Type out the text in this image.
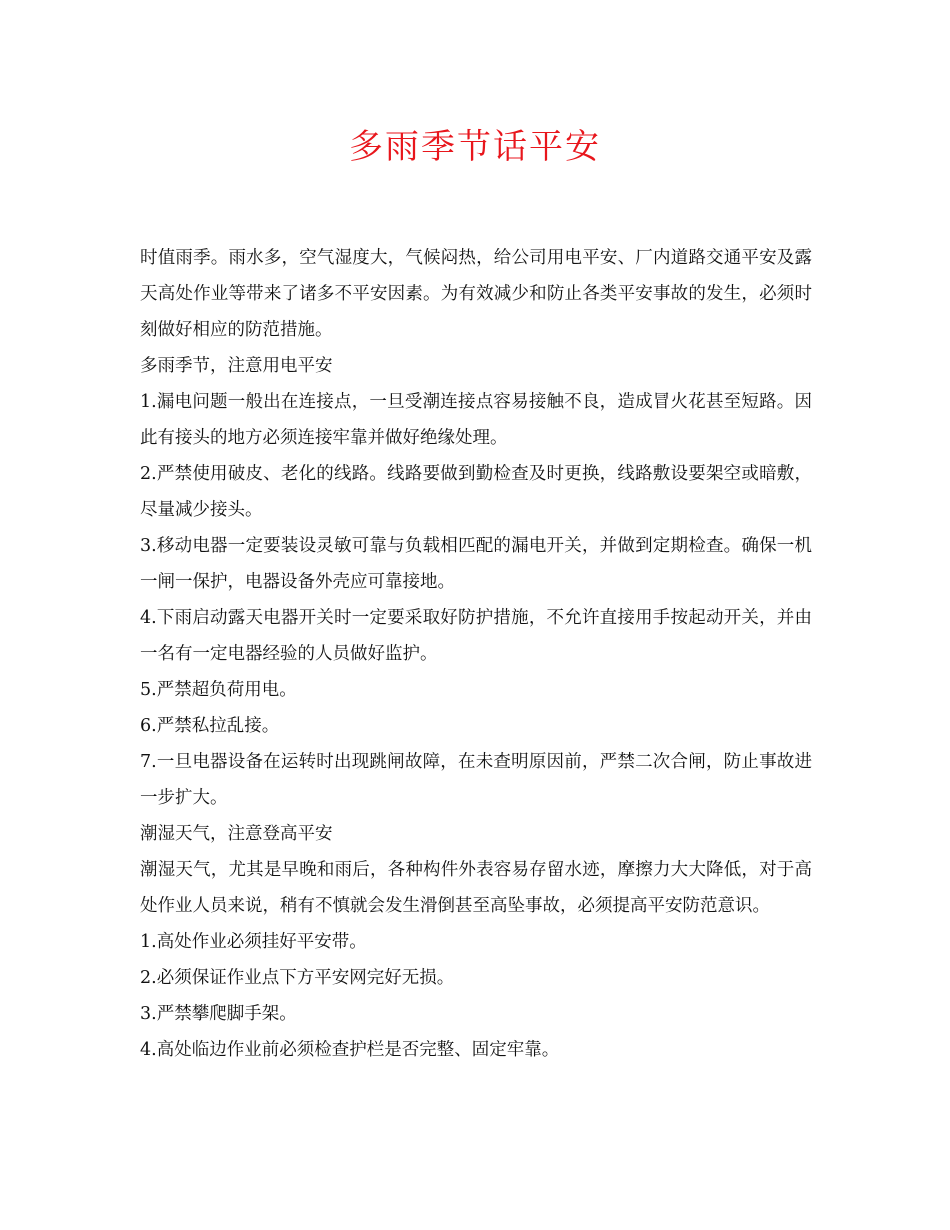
多雨季节话平安

时值雨季。雨水多，空气湿度大，气候闷热，给公司用电平安、厂内道路交通平安及露天高处作业等带来了诸多不平安因素。为有效减少和防止各类平安事故的发生，必须时刻做好相应的防范措施。

多雨季节，注意用电平安

1.漏电问题一般出在连接点，一旦受潮连接点容易接触不良，造成冒火花甚至短路。因此有接头的地方必须连接牢靠并做好绝缘处理。

2.严禁使用破皮、老化的线路。线路要做到勤检查及时更换，线路敷设要架空或暗敷，尽量减少接头。

3.移动电器一定要装设灵敏可靠与负载相匹配的漏电开关，并做到定期检查。确保一机一闸一保护，电器设备外壳应可靠接地。

4.下雨启动露天电器开关时一定要采取好防护措施，不允许直接用手按起动开关，并由一名有一定电器经验的人员做好监护。

5.严禁超负荷用电。

6.严禁私拉乱接。

7.一旦电器设备在运转时出现跳闸故障，在未查明原因前，严禁二次合闸，防止事故进一步扩大。

潮湿天气，注意登高平安

潮湿天气，尤其是早晚和雨后，各种构件外表容易存留水迹，摩擦力大大降低，对于高处作业人员来说，稍有不慎就会发生滑倒甚至高坠事故，必须提高平安防范意识。

1.高处作业必须挂好平安带。

2.必须保证作业点下方平安网完好无损。

3.严禁攀爬脚手架。

4.高处临边作业前必须检查护栏是否完整、固定牢靠。
